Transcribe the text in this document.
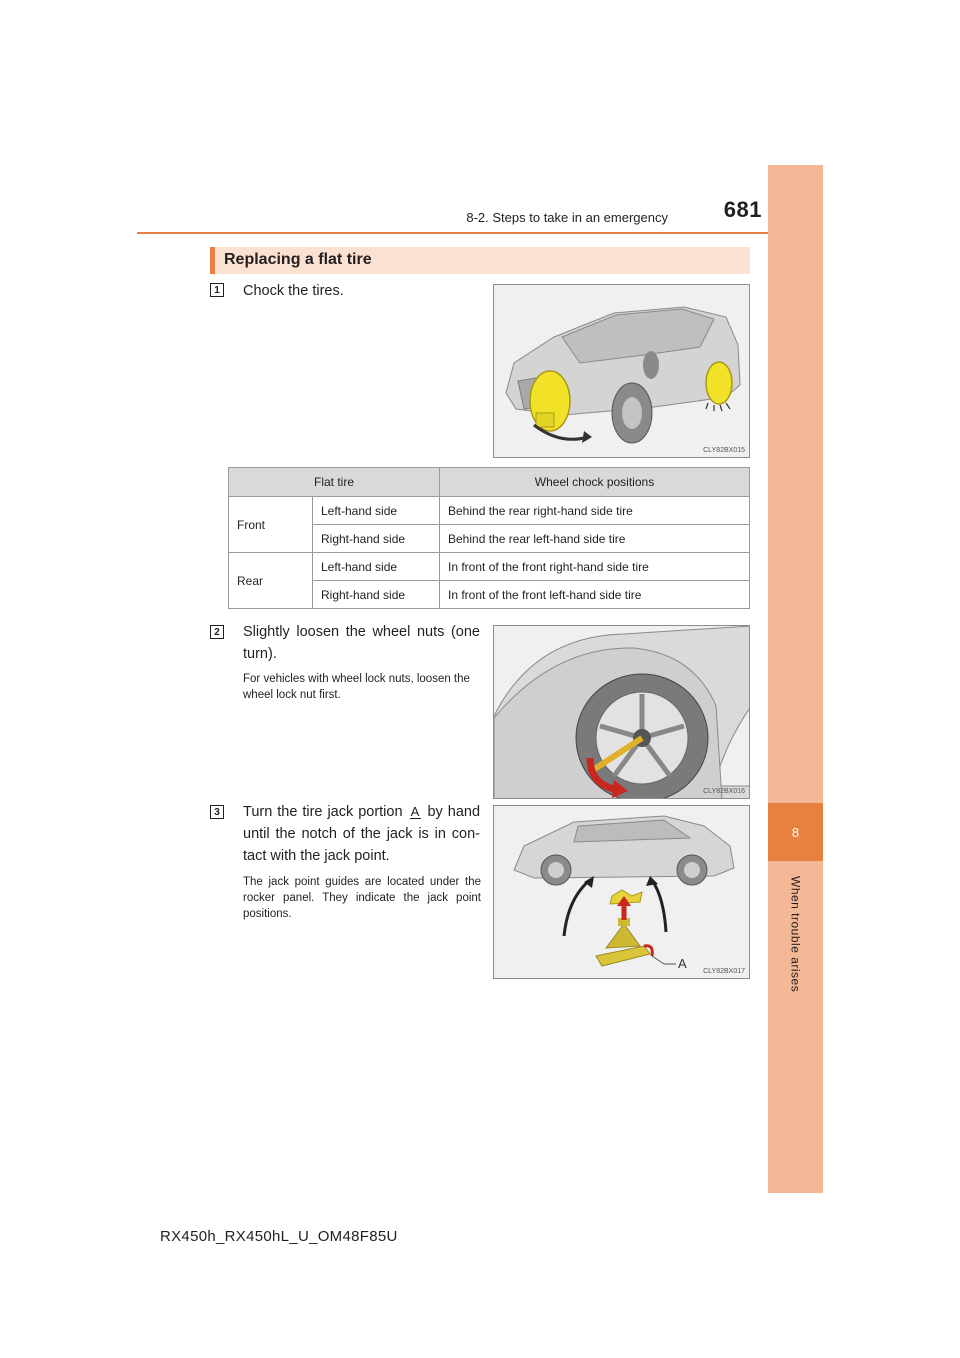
8-2. Steps to take in an emergency	681
8
When trouble arises
Replacing a flat tire
1 Chock the tires.
CLY82BX015
Flat tire		Wheel chock positions
Front	Left-hand side	Behind the rear right-hand side tire
	Right-hand side	Behind the rear left-hand side tire
Rear	Left-hand side	In front of the front right-hand side tire
	Right-hand side	In front of the front left-hand side tire
2 Slightly loosen the wheel nuts (one turn).
For vehicles with wheel lock nuts, loosen the wheel lock nut first.
CLY82BX016
3 Turn the tire jack portion A by hand until the notch of the jack is in con-tact with the jack point.
The jack point guides are located under the rocker panel. They indicate the jack point positions.
A
CLY82BX017
RX450h_RX450hL_U_OM48F85U
